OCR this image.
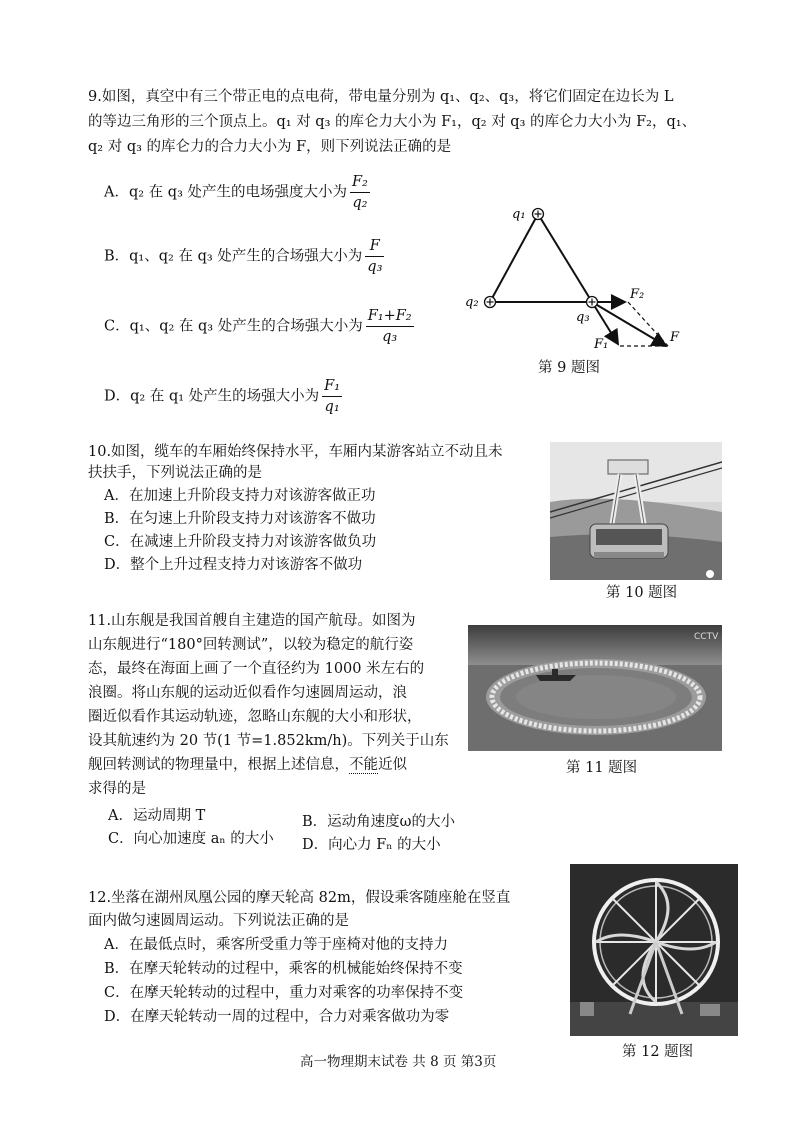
9.如图，真空中有三个带正电的点电荷，带电量分别为 q₁、q₂、q₃，将它们固定在边长为 L
的等边三角形的三个顶点上。q₁ 对 q₃ 的库仑力大小为 F₁，q₂ 对 q₃ 的库仑力大小为 F₂，q₁、
q₂ 对 q₃ 的库仑力的合力大小为 F，则下列说法正确的是
A．q₂ 在 q₃ 处产生的电场强度大小为 $\frac{\text{F₂}}{\text{q₂}}$
B．q₁、q₂ 在 q₃ 处产生的合场强大小为 $\frac{F}{\text{q₃}}$
C．q₁、q₂ 在 q₃ 处产生的合场强大小为 $\frac{\text{F₁+F₂}}{\text{q₃}}$
D．q₂ 在 q₁ 处产生的场强大小为 $\frac{\text{F₁}}{\text{q₁}}$
q₁
q₂
q₃
F₂
F₁	F
第 9 题图
10.如图，缆车的车厢始终保持水平，车厢内某游客站立不动且未
扶扶手，下列说法正确的是
A．在加速上升阶段支持力对该游客做正功
B．在匀速上升阶段支持力对该游客不做功
C．在减速上升阶段支持力对该游客做负功
D．整个上升过程支持力对该游客不做功
第 10 题图
11.山东舰是我国首艘自主建造的国产航母。如图为
山东舰进行“180°回转测试”，以较为稳定的航行姿
态，最终在海面上画了一个直径约为 1000 米左右的
浪圈。将山东舰的运动近似看作匀速圆周运动，浪
圈近似看作其运动轨迹，忽略山东舰的大小和形状，
设其航速约为 20 节(1 节=1.852km/h)。下列关于山东
舰回转测试的物理量中，根据上述信息，不能近似
求得的是
A．运动周期 T	B．运动角速度ω的大小
C．向心加速度 aₙ 的大小 D．向心力 Fₙ 的大小
CCTV
第 11 题图
12.坐落在湖州凤凰公园的摩天轮高 82m，假设乘客随座舱在竖直
面内做匀速圆周运动。下列说法正确的是
A．在最低点时，乘客所受重力等于座椅对他的支持力
B．在摩天轮转动的过程中，乘客的机械能始终保持不变
C．在摩天轮转动的过程中，重力对乘客的功率保持不变
D．在摩天轮转动一周的过程中，合力对乘客做功为零
第 12 题图
高一物理期末试卷 共 8 页 第3页
